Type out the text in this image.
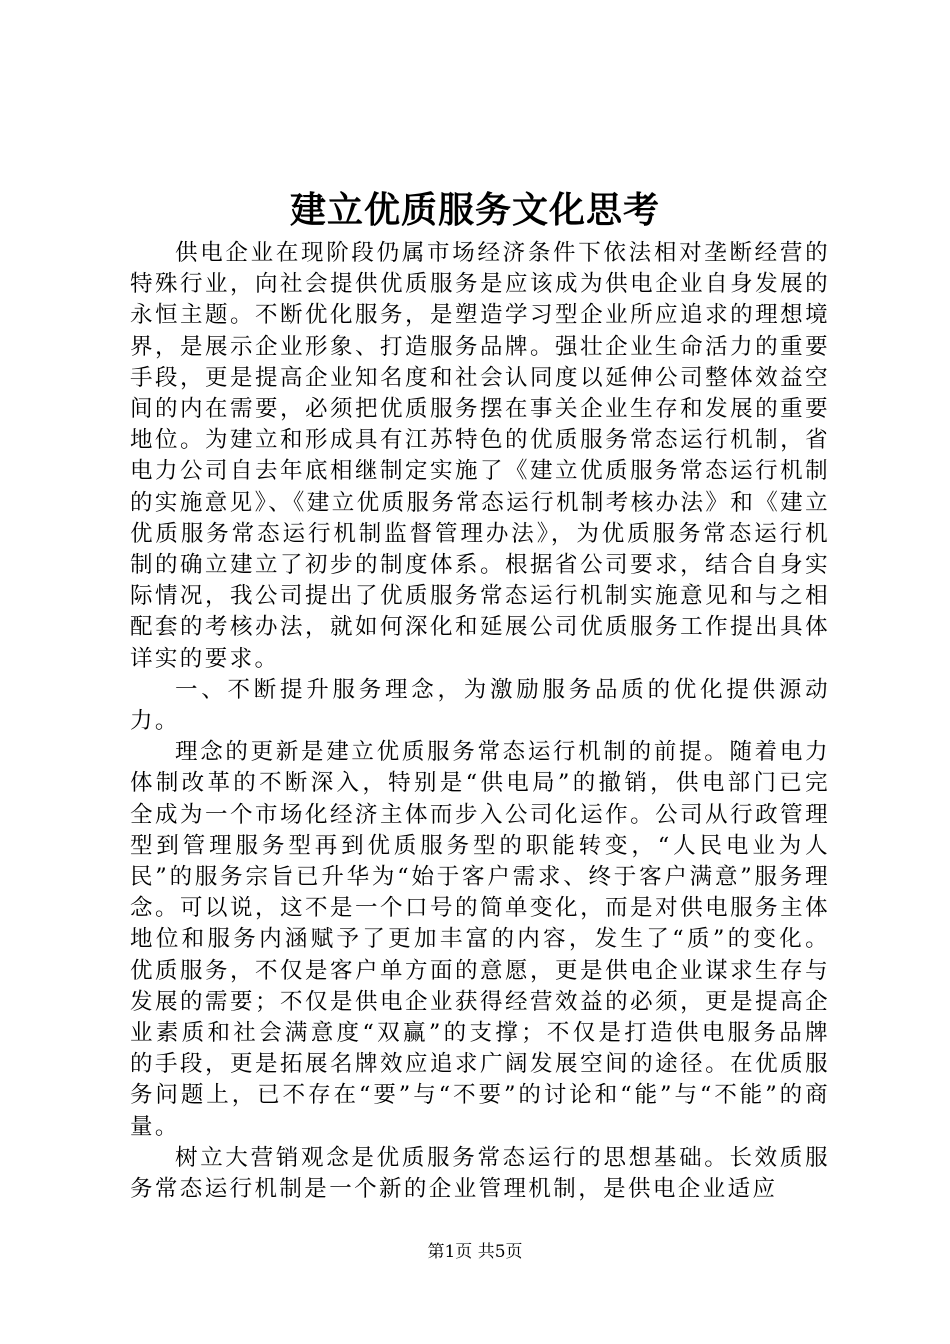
建立优质服务文化思考

供电企业在现阶段仍属市场经济条件下依法相对垄断经营的特殊行业，向社会提供优质服务是应该成为供电企业自身发展的永恒主题。不断优化服务，是塑造学习型企业所应追求的理想境界，是展示企业形象、打造服务品牌。强壮企业生命活力的重要手段，更是提高企业知名度和社会认同度以延伸公司整体效益空间的内在需要，必须把优质服务摆在事关企业生存和发展的重要地位。为建立和形成具有江苏特色的优质服务常态运行机制，省电力公司自去年底相继制定实施了《建立优质服务常态运行机制的实施意见》、《建立优质服务常态运行机制考核办法》和《建立优质服务常态运行机制监督管理办法》，为优质服务常态运行机制的确立建立了初步的制度体系。根据省公司要求，结合自身实际情况，我公司提出了优质服务常态运行机制实施意见和与之相配套的考核办法，就如何深化和延展公司优质服务工作提出具体详实的要求。

一、不断提升服务理念，为激励服务品质的优化提供源动力。

理念的更新是建立优质服务常态运行机制的前提。随着电力体制改革的不断深入，特别是“供电局”的撤销，供电部门已完全成为一个市场化经济主体而步入公司化运作。公司从行政管理型到管理服务型再到优质服务型的职能转变，“人民电业为人民”的服务宗旨已升华为“始于客户需求、终于客户满意”服务理念。可以说，这不是一个口号的简单变化，而是对供电服务主体地位和服务内涵赋予了更加丰富的内容，发生了“质”的变化。优质服务，不仅是客户单方面的意愿，更是供电企业谋求生存与发展的需要；不仅是供电企业获得经营效益的必须，更是提高企业素质和社会满意度“双赢”的支撑；不仅是打造供电服务品牌的手段，更是拓展名牌效应追求广阔发展空间的途径。在优质服务问题上，已不存在“要”与“不要”的讨论和“能”与“不能”的商量。

树立大营销观念是优质服务常态运行的思想基础。长效质服务常态运行机制是一个新的企业管理机制，是供电企业适应

第1页 共5页
